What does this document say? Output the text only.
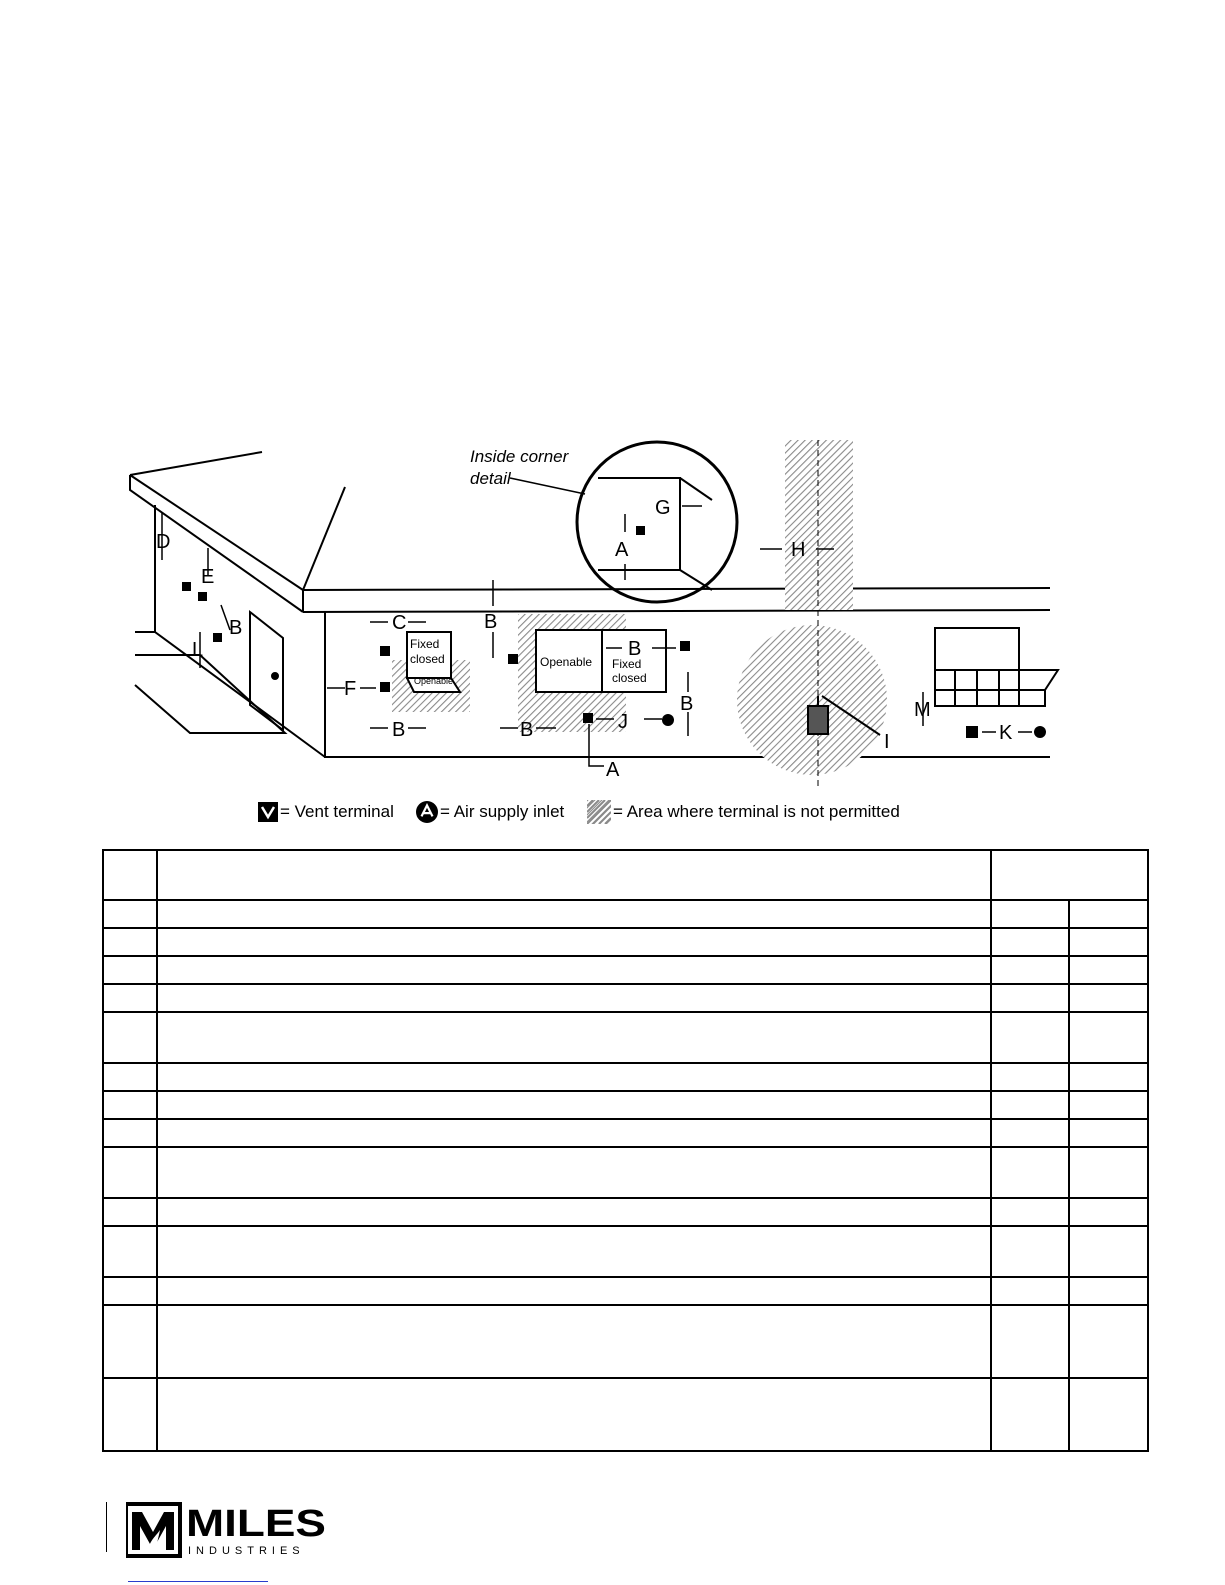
D
E
B
L
F
C
B
B
B
B
B
J
A
A
G
H
I
M
K
Inside corner detail
Fixed closed
Openable
Openable Fixed closed
= Vent terminal	= Air supply inlet	= Area where terminal is not permitted

MILES
INDUSTRIES
